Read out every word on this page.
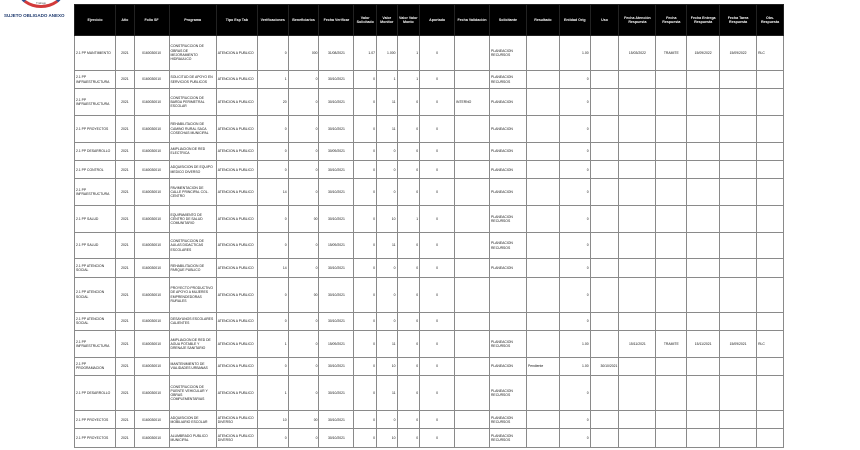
Trabajo
SUJETO OBLIGADO ANEXO
Ejercicio	Año	Folio SF	Programa	Tipo Esp Tab	Verificaciones	Beneficiarios	Fecha Verificar	Valor Solicitado	Valor Monitor	Valor Valor Monto	Aportado	Fecha Validación	Solicitante	Resultado	Entidad Orig	Uso	Fecha Atención Respuesta	Fecha Respuesta	Fecha Entrega Respuesta	Fecha Tarea Respuesta	Obs. Respuesta
2.1 PP MANTIMIENTO	2021	0160030010	CONSTRUCCION DE OBRAS DE MEJORAMIENTO HIDRAULICO	ATENCION A PUBLICO	0	000	31/08/2021	1.07	1.000	1	0		PLANEACION RECURSOS		1.00		15/03/2022	TRAMITE	15/09/2022	15/09/2022	RLC
2.1 PP INFRAESTRUCTURA	2021	0160030010	SOLICITUD DE APOYO EN SERVICIOS PUBLICOS	ATENCION A PUBLICO	1	0	30/10/2021	0	1	1	0		PLANEACION RECURSOS		0						
2.1 PP INFRAESTRUCTURA	2021	0160030010	CONSTRUCCION DE BARDA PERIMETRAL ESCOLAR	ATENCION A PUBLICO	20	0	30/10/2021	0	11	0	0	INTERNO	PLANEACION		0						
2.1 PP PROYECTOS	2021	0160030010	REHABILITACION DE CAMINO RURAL SACA COSECHAS MUNICIPAL	ATENCION A PUBLICO	0	0	30/10/2021	0	11	0	0		PLANEACION		0						
2.1 PP DESARROLLO	2021	0160030010	AMPLIACION DE RED ELECTRICA	ATENCION A PUBLICO	0	0	30/09/2021	0	0	0	0		PLANEACION		0						
2.1 PP CONTROL	2021	0160030010	ADQUISICION DE EQUIPO MEDICO DIVERSO	ATENCION A PUBLICO	0	0	30/10/2021	0	0	0	0		PLANEACION		0						
2.1 PP INFRAESTRUCTURA	2021	0160030010	PAVIMENTACION DE CALLE PRINCIPAL COL. CENTRO	ATENCION A PUBLICO	14	0	30/10/2021	0	0	0	0		PLANEACION		0						
2.1 PP SALUD	2021	0160030010	EQUIPAMIENTO DE CENTRO DE SALUD COMUNITARIO	ATENCION A PUBLICO	0	00	30/10/2021	0	10	1	0		PLANEACION RECURSOS		0						
2.1 PP SALUD	2021	0160030010	CONSTRUCCION DE AULAS DIDACTICAS ESCOLARES	ATENCION A PUBLICO	0	0	15/09/2021	0	11	0	0		PLANEACION RECURSOS		0						
2.1 PP ATENCION SOCIAL	2021	0160030010	REHABILITACION DE PARQUE PUBLICO	ATENCION A PUBLICO	14	0	30/10/2021	0	0	0	0		PLANEACION		0						
2.1 PP ATENCION SOCIAL	2021	0160030010	PROYECTO PRODUCTIVO DE APOYO A MUJERES EMPRENDEDORAS RURALES	ATENCION A PUBLICO	0	00	30/10/2021	0	0	0	0				0						
2.1 PP ATENCION SOCIAL	2021	0160030010	DESAYUNOS ESCOLARES CALIENTES	ATENCION A PUBLICO	0	0	30/10/2021	0	0	0	0				0						
2.1 PP INFRAESTRUCTURA	2021	0160030010	AMPLIACION DE RED DE AGUA POTABLE Y DRENAJE SANITARIO	ATENCION A PUBLICO	1	0	15/09/2021	0	11	0	0		PLANEACION RECURSOS		1.00		15/11/2021	TRAMITE	15/11/2021	15/09/2021	RLC
2.1 PP PROGRAMACION	2021	0160030010	MANTENIMIENTO DE VIALIDADES URBANAS	ATENCION A PUBLICO	0	0	30/10/2021	0	10	0	0		PLANEACION	Pendiente	1.00	30/10/2021					
2.1 PP DESARROLLO	2021	0160030010	CONSTRUCCION DE PUENTE VEHICULAR Y OBRAS COMPLEMENTARIAS	ATENCION A PUBLICO	1	0	30/10/2021	0	11	0	0		PLANEACION RECURSOS		0						
2.1 PP PROYECTOS	2021	0160030010	ADQUISICION DE MOBILIARIO ESCOLAR	ATENCION A PUBLICO DIVERSO	10	00	30/10/2021	0	0	0	0		PLANEACION RECURSOS		0						
2.1 PP PROYECTOS	2021	0160030010	ALUMBRADO PUBLICO MUNICIPAL	ATENCION A PUBLICO DIVERSO	0	0	30/10/2021	0	10	0	0		PLANEACION RECURSOS		0						
